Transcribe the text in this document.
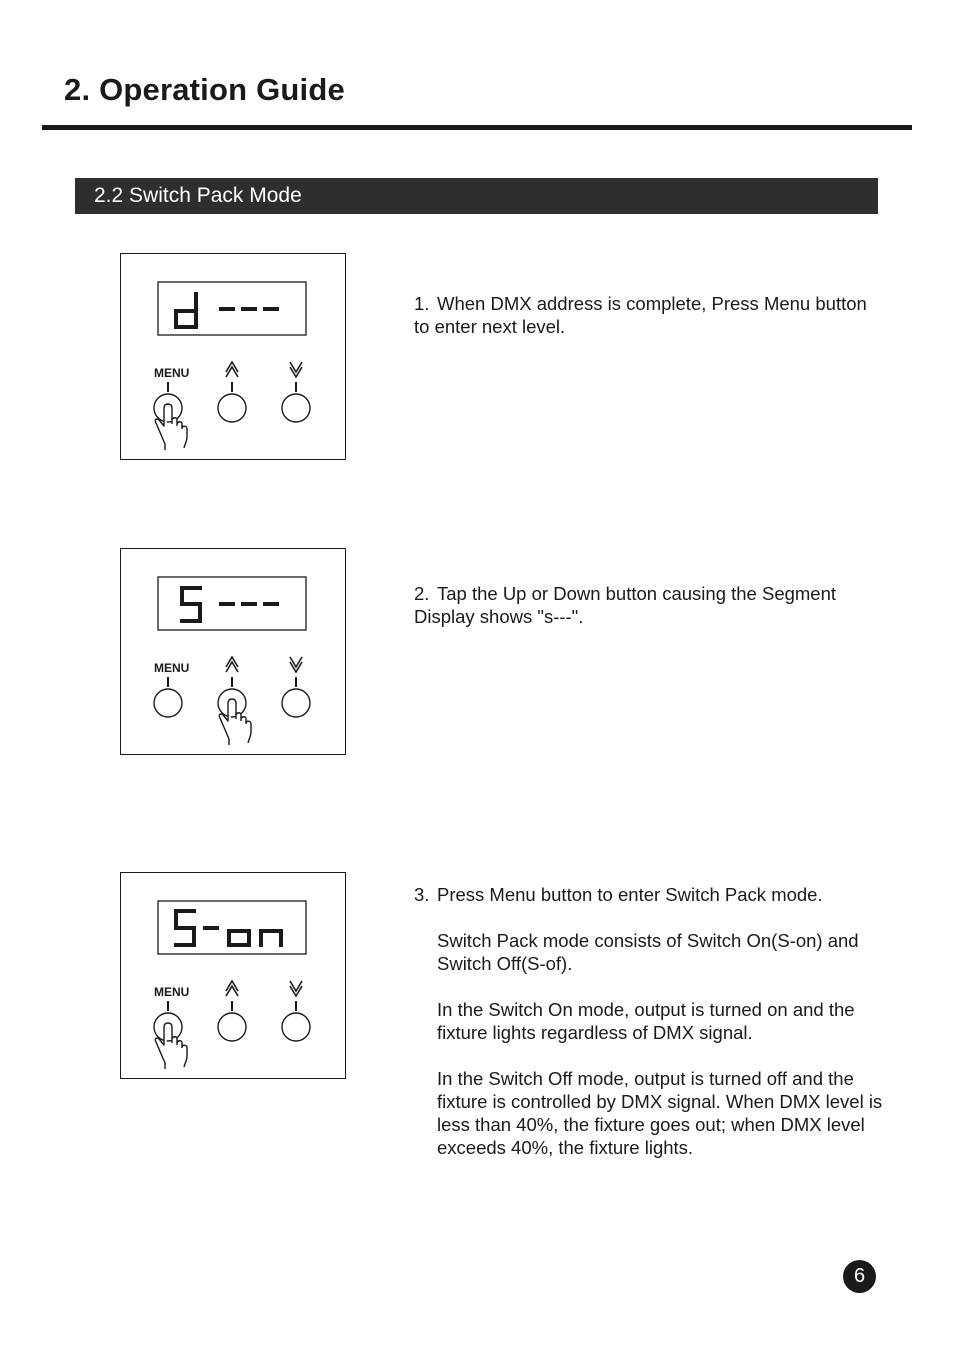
2. Operation Guide
2.2 Switch Pack Mode
MENU
MENU
MENU

1. When DMX address is complete, Press Menu button to enter next level.

2. Tap the Up or Down button causing the Segment Display shows "s---".

3. Press Menu button to enter Switch Pack mode.

Switch Pack mode consists of Switch On(S-on) and Switch Off(S-of).

In the Switch On mode, output is turned on and the fixture lights regardless of DMX signal.

In the Switch Off mode, output is turned off and the fixture is controlled by DMX signal. When DMX level is less than 40%, the fixture goes out; when DMX level exceeds 40%, the fixture lights.

6
